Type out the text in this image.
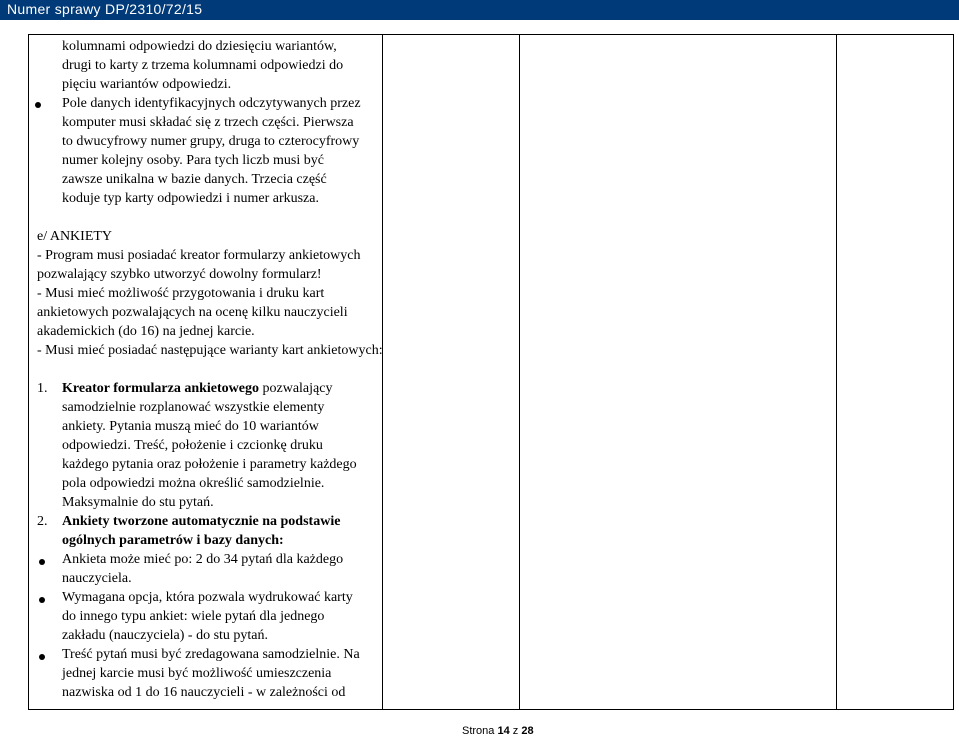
Numer sprawy DP/2310/72/15
kolumnami odpowiedzi do dziesięciu wariantów,
drugi to karty z trzema kolumnami odpowiedzi do
pięciu wariantów odpowiedzi.
Pole danych identyfikacyjnych odczytywanych przez
komputer musi składać się z trzech części. Pierwsza
to dwucyfrowy numer grupy, druga to czterocyfrowy
numer kolejny osoby. Para tych liczb musi być
zawsze unikalna w bazie danych. Trzecia część
koduje typ karty odpowiedzi i numer arkusza.
e/ ANKIETY
- Program musi posiadać kreator formularzy ankietowych
pozwalający szybko utworzyć dowolny formularz!
- Musi mieć możliwość przygotowania i druku kart
ankietowych pozwalających na ocenę kilku nauczycieli
akademickich (do 16) na jednej karcie.
- Musi mieć posiadać następujące warianty kart ankietowych:
1. Kreator formularza ankietowego pozwalający
samodzielnie rozplanować wszystkie elementy
ankiety. Pytania muszą mieć do 10 wariantów
odpowiedzi. Treść, położenie i czcionkę druku
każdego pytania oraz położenie i parametry każdego
pola odpowiedzi można określić samodzielnie.
Maksymalnie do stu pytań.
2. Ankiety tworzone automatycznie na podstawie
ogólnych parametrów i bazy danych:
Ankieta może mieć po: 2 do 34 pytań dla każdego
nauczyciela.
Wymagana opcja, która pozwala wydrukować karty
do innego typu ankiet: wiele pytań dla jednego
zakładu (nauczyciela) - do stu pytań.
Treść pytań musi być zredagowana samodzielnie. Na
jednej karcie musi być możliwość umieszczenia
nazwiska od 1 do 16 nauczycieli - w zależności od
Strona 14 z 28
